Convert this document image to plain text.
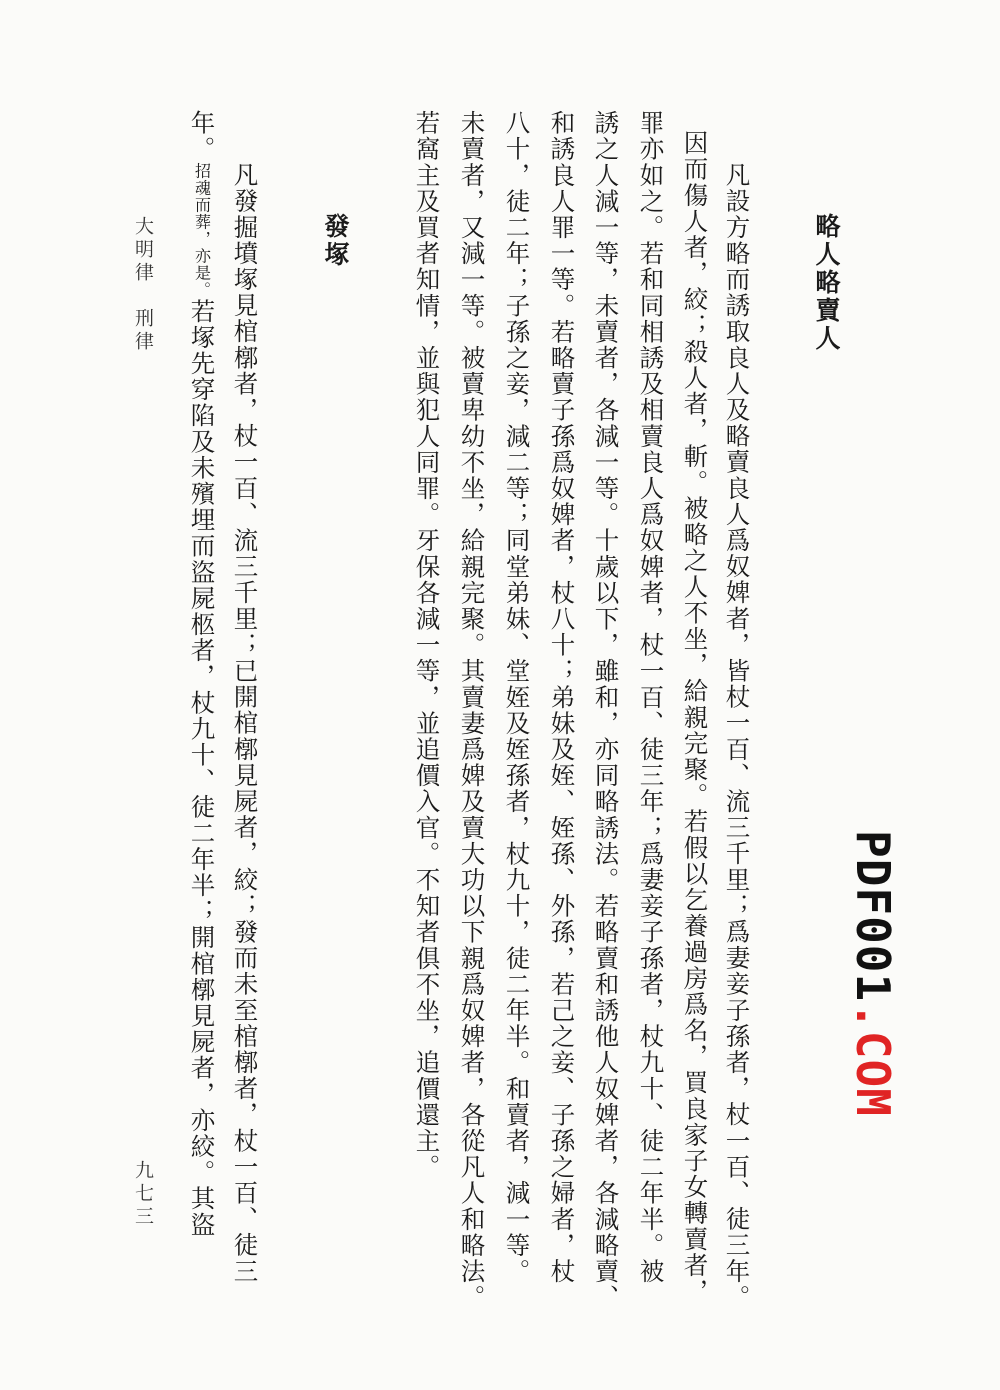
略人略賣人
凡設方略而誘取良人及略賣良人爲奴婢者，皆杖一百、流三千里；爲妻妾子孫者，杖一百、徒三年。
因而傷人者，絞；殺人者，斬。被略之人不坐，給親完聚。若假以乞養過房爲名，買良家子女轉賣者，
罪亦如之。若和同相誘及相賣良人爲奴婢者，杖一百、徒三年；爲妻妾子孫者，杖九十、徒二年半。被
誘之人減一等，未賣者，各減一等。十歲以下，雖和，亦同略誘法。若略賣和誘他人奴婢者，各減略賣、
和誘良人罪一等。若略賣子孫爲奴婢者，杖八十；弟妹及姪、姪孫、外孫，若己之妾、子孫之婦者，杖
八十，徒二年；子孫之妾，減二等；同堂弟妹、堂姪及姪孫者，杖九十，徒二年半。和賣者，減一等。
未賣者，又減一等。被賣卑幼不坐，給親完聚。其賣妻爲婢及賣大功以下親爲奴婢者，各從凡人和略法。
若窩主及買者知情，並與犯人同罪。牙保各減一等，並追價入官。不知者俱不坐，追價還主。
發塚
凡發掘墳塚見棺槨者，杖一百、流三千里；已開棺槨見屍者，絞；發而未至棺槨者，杖一百、徒三
年。招魂而葬，亦是。若塚先穿陷及未殯埋而盜屍柩者，杖九十、徒二年半；開棺槨見屍者，亦絞。其盜
大明律　刑律
九七三
PDF001.COM
